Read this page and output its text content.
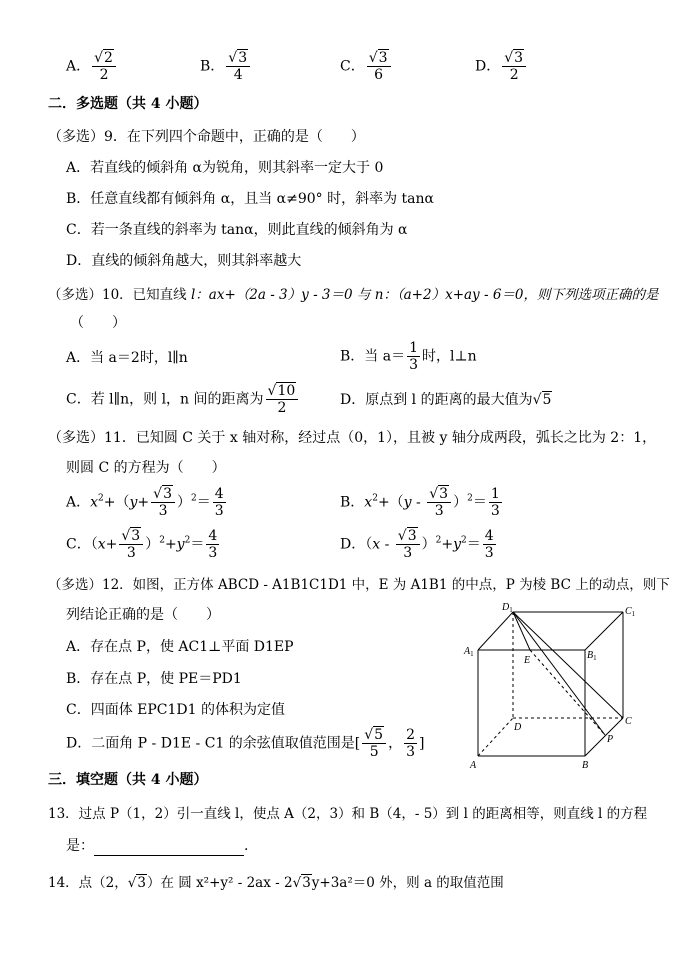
A． $\frac{√2}{2}$	B． $\frac{√3}{4}$	C． $\frac{√3}{6}$	D． $\frac{√3}{2}$
二．多选题（共 4 小题）
（多选）9．在下列四个命题中，正确的是（　　）
A．若直线的倾斜角 α为锐角，则其斜率一定大于 0
B．任意直线都有倾斜角 α，且当 α≠90° 时，斜率为 tanα
C．若一条直线的斜率为 tanα，则此直线的倾斜角为 α
D．直线的倾斜角越大，则其斜率越大
（多选）10．已知直线 l：ax+（2a - 3）y - 3＝0 与 n：（a+2）x+ay - 6＝0，则下列选项正确的是
（　　）
A．当 a＝2时，l∥n	B．当 $a= \frac{1}{3}$ 时，l⊥n
C．若 l∥n，则 l，n 间的距离为 $\frac{√10}{2}$	D．原点到 l 的距离的最大值为√5
（多选）11．已知圆 C 关于 x 轴对称，经过点（0，1），且被 y 轴分成两段，弧长之比为 2：1，
则圆 C 的方程为（　　）
A．$x^2+(y+ \frac{√3}{3} )^2= \frac{4}{3}$	B．$x^2+(y - \frac{√3}{3} )^2= \frac{1}{3}$
C．$(x+ \frac{√3}{3} )^2+y^2= \frac{4}{3}$	D．$(x - \frac{√3}{3} )^2+y^2= \frac{4}{3}$
（多选）12．如图，正方体 ABCD - A1B1C1D1 中，E 为 A1B1 的中点，P 为棱 BC 上的动点，则下
列结论正确的是（　　）
A．存在点 P，使 AC1⊥平面 D1EP
B．存在点 P，使 PE＝PD1
C．四面体 EPC1D1 的体积为定值
D．二面角 P - D1E - C1 的余弦值取值范围是[ $\frac{√5}{5}$ ， $\frac{2}{3}$ ]
$D_1$	$C_1$
$A_1$	$B_1$
E
D
C
P
A	B
三．填空题（共 4 小题）
13．过点 P（1，2）引一直线 l，使点 A（2，3）和 B（4，- 5）到 l 的距离相等，则直线 l 的方程
是：	.
14．点（2，√3）在 圆 x²+y² - 2ax - 2√3y+3a²＝0 外，则 a 的取值范围
